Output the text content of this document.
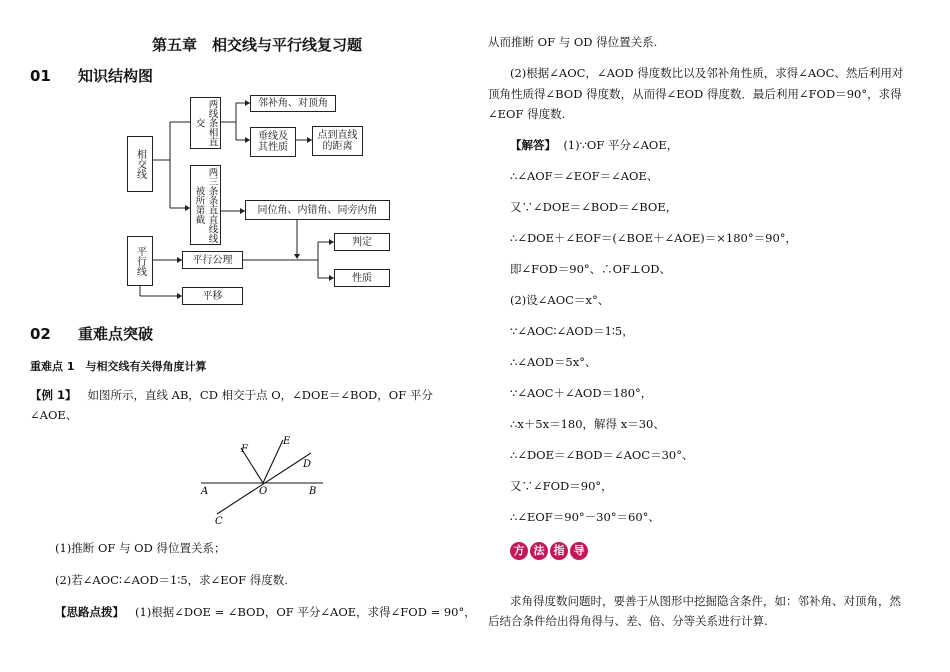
第五章　相交线与平行线复习题
01 知识结构图
相交线
两线条相直交
邻补角、对顶角
垂线及
其性质
点到直线
的距离
两三条条直直线线被所第截	同位角、内错角、同旁内角
平行线	平行公理
判定
性质
平移
02 重难点突破
重难点 1　与相交线有关得角度计算
【例 1】 如图所示，直线 AB，CD 相交于点 O，∠DOE＝∠BOD，OF 平分
∠AOE、
A	B
C
D
E
F
O
(1)推断 OF 与 OD 得位置关系；
(2)若∠AOC∶∠AOD＝1∶5，求∠EOF 得度数.
【思路点拨】 (1)根据∠DOE = ∠BOD，OF 平分∠AOE，求得∠FOD = 90°，
从而推断 OF 与 OD 得位置关系.
(2)根据∠AOC，∠AOD 得度数比以及邻补角性质，求得∠AOC、然后利用对
顶角性质得∠BOD 得度数，从而得∠EOD 得度数．最后利用∠FOD＝90°，求得
∠EOF 得度数.
【解答】 (1)∵OF 平分∠AOE，
∴∠AOF＝∠EOF＝∠AOE、
又∵∠DOE＝∠BOD＝∠BOE，
∴∠DOE＋∠EOF＝(∠BOE＋∠AOE)＝×180°＝90°，
即∠FOD＝90°、∴OF⊥OD、
(2)设∠AOC＝x°、
∵∠AOC∶∠AOD＝1∶5，
∴∠AOD＝5x°、
∵∠AOC＋∠AOD＝180°，
∴x＋5x＝180，解得 x＝30、
∴∠DOE＝∠BOD＝∠AOC＝30°、
又∵∠FOD＝90°，
∴∠EOF＝90°－30°＝60°、
方 法 指 导
求角得度数问题时，要善于从图形中挖掘隐含条件，如：邻补角、对顶角，然
后结合条件给出得角得与、差、倍、分等关系进行计算.
